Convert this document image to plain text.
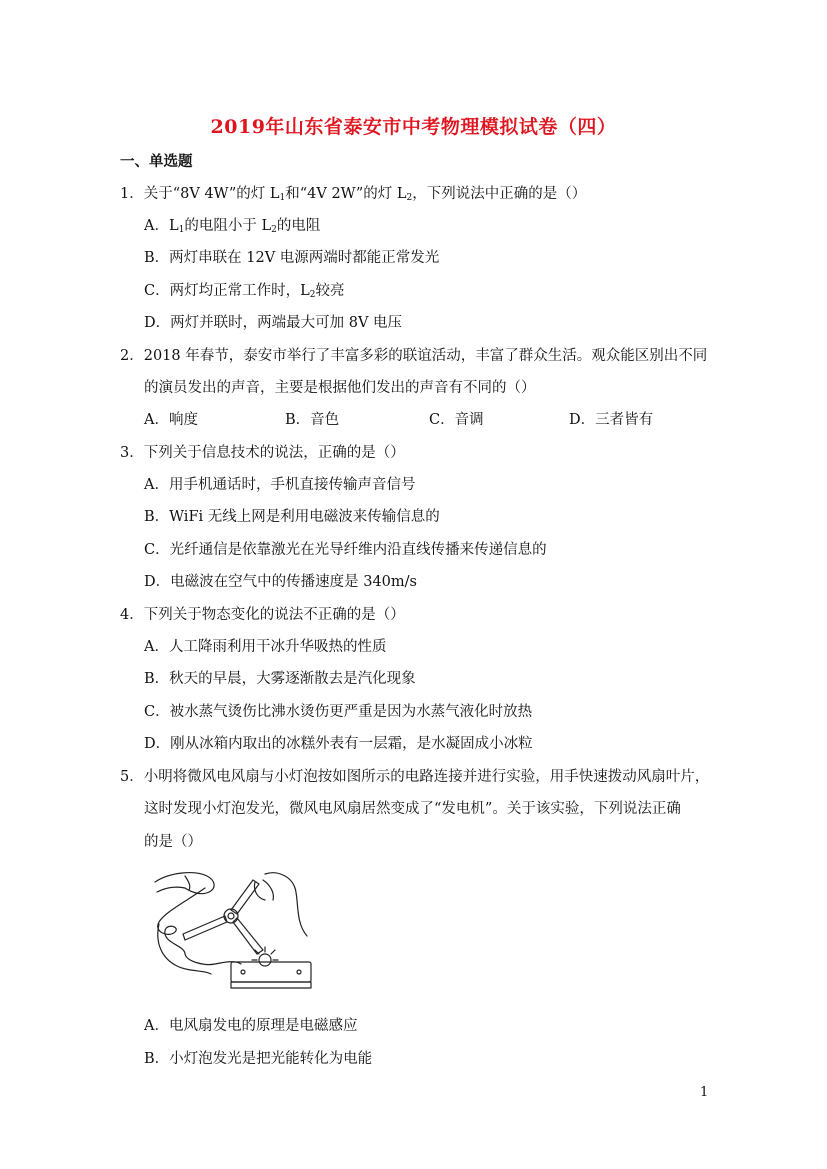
2019年山东省泰安市中考物理模拟试卷（四）
一、单选题
1．关于“8V 4W”的灯 $L_1$和“4V 2W”的灯 $L_2$，下列说法中正确的是（）
A．$L_1$的电阻小于 $L_2$的电阻
B．两灯串联在 12V 电源两端时都能正常发光
C．两灯均正常工作时，$L_2$较亮
D．两灯并联时，两端最大可加 8V 电压
2．2018 年春节，泰安市举行了丰富多彩的联谊活动，丰富了群众生活。观众能区别出不同
的演员发出的声音，主要是根据他们发出的声音有不同的（）
A．响度	B．音色	C．音调	D．三者皆有
3．下列关于信息技术的说法，正确的是（）
A．用手机通话时，手机直接传输声音信号
B．WiFi 无线上网是利用电磁波来传输信息的
C．光纤通信是依靠激光在光导纤维内沿直线传播来传递信息的
D．电磁波在空气中的传播速度是 340m/s
4．下列关于物态变化的说法不正确的是（）
A．人工降雨利用干冰升华吸热的性质
B．秋天的早晨，大雾逐渐散去是汽化现象
C．被水蒸气烫伤比沸水烫伤更严重是因为水蒸气液化时放热
D．刚从冰箱内取出的冰糕外表有一层霜，是水凝固成小冰粒
5．小明将微风电风扇与小灯泡按如图所示的电路连接并进行实验，用手快速拨动风扇叶片，
这时发现小灯泡发光，微风电风扇居然变成了“发电机”。关于该实验，下列说法正确
的是（）
A．电风扇发电的原理是电磁感应
B．小灯泡发光是把光能转化为电能
1
